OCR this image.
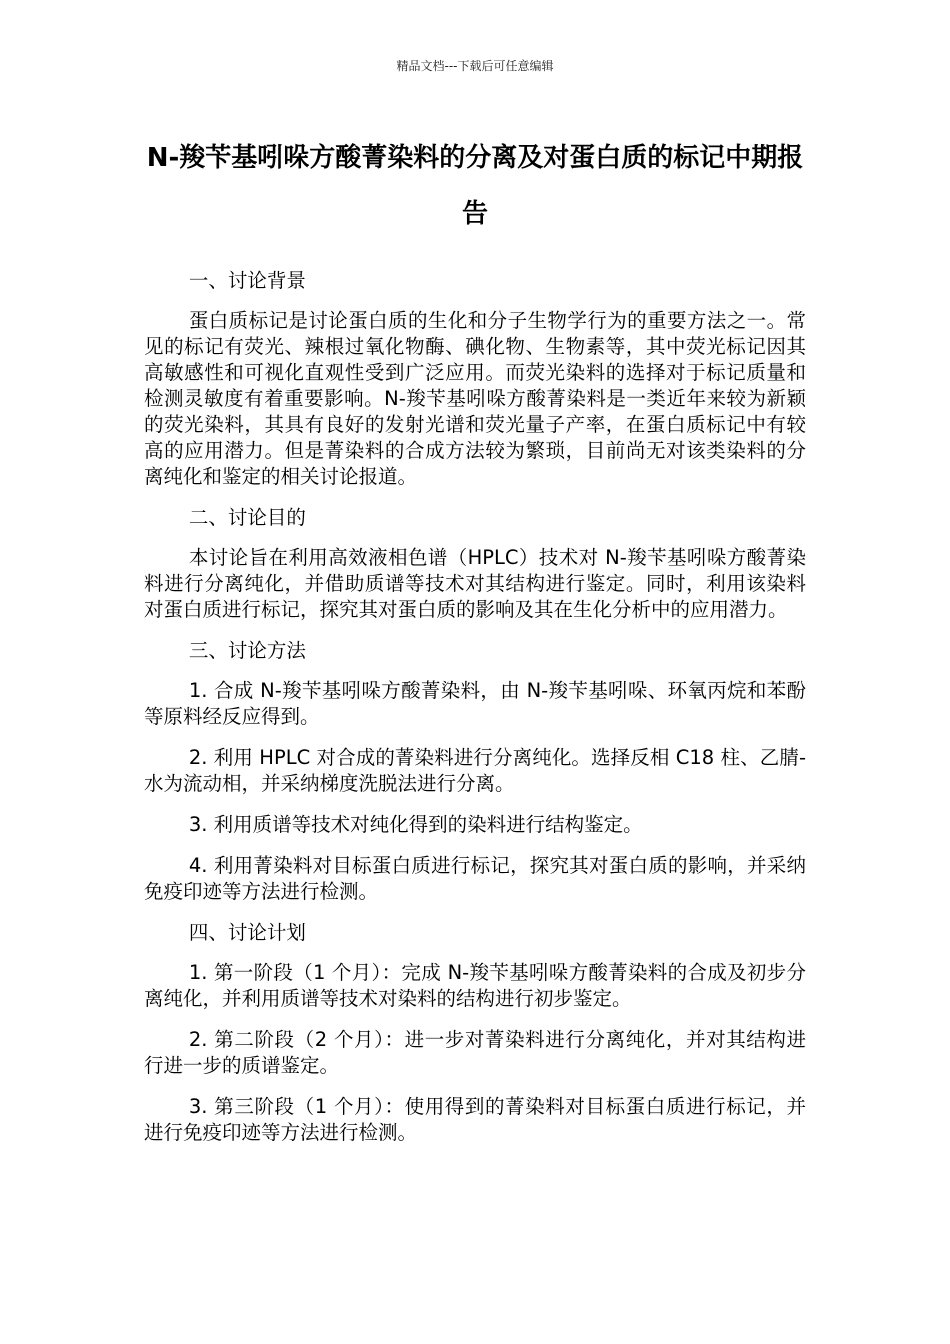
精品文档---下载后可任意编辑
N-羧苄基吲哚方酸菁染料的分离及对蛋白质的标记中期报告

一、讨论背景

蛋白质标记是讨论蛋白质的生化和分子生物学行为的重要方法之一。常见的标记有荧光、辣根过氧化物酶、碘化物、生物素等，其中荧光标记因其高敏感性和可视化直观性受到广泛应用。而荧光染料的选择对于标记质量和检测灵敏度有着重要影响。N-羧苄基吲哚方酸菁染料是一类近年来较为新颖的荧光染料，其具有良好的发射光谱和荧光量子产率，在蛋白质标记中有较高的应用潜力。但是菁染料的合成方法较为繁琐，目前尚无对该类染料的分离纯化和鉴定的相关讨论报道。

二、讨论目的

本讨论旨在利用高效液相色谱（HPLC）技术对 N-羧苄基吲哚方酸菁染料进行分离纯化，并借助质谱等技术对其结构进行鉴定。同时，利用该染料对蛋白质进行标记，探究其对蛋白质的影响及其在生化分析中的应用潜力。

三、讨论方法

1. 合成 N-羧苄基吲哚方酸菁染料，由 N-羧苄基吲哚、环氧丙烷和苯酚等原料经反应得到。

2. 利用 HPLC 对合成的菁染料进行分离纯化。选择反相 C18 柱、乙腈-水为流动相，并采纳梯度洗脱法进行分离。

3. 利用质谱等技术对纯化得到的染料进行结构鉴定。

4. 利用菁染料对目标蛋白质进行标记，探究其对蛋白质的影响，并采纳免疫印迹等方法进行检测。

四、讨论计划

1. 第一阶段（1 个月）：完成 N-羧苄基吲哚方酸菁染料的合成及初步分离纯化，并利用质谱等技术对染料的结构进行初步鉴定。

2. 第二阶段（2 个月）：进一步对菁染料进行分离纯化，并对其结构进行进一步的质谱鉴定。

3. 第三阶段（1 个月）：使用得到的菁染料对目标蛋白质进行标记，并进行免疫印迹等方法进行检测。
